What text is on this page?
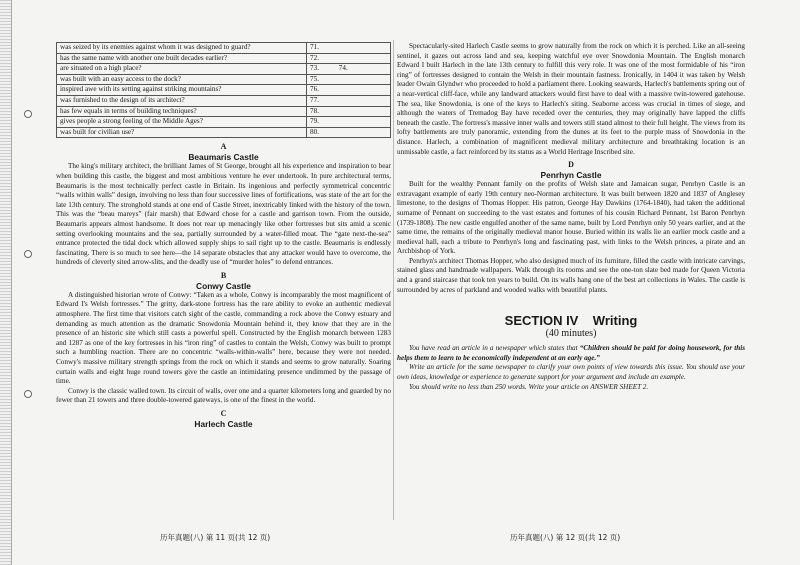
was seized by its enemies against whom it was designed to guard?	71.
has the same name with another one built decades earlier?	72.
are situated on a high place?	73. 74.
was built with an easy access to the dock?	75.
inspired awe with its setting against striking mountains?	76.
was furnished to the design of its architect?	77.
has few equals in terms of building techniques?	78.
gives people a strong feeling of the Middle Ages?	79.
was built for civilian use?	80.
A
Beaumaris Castle

The king's military architect, the brilliant James of St George, brought all his experience and inspiration to bear when building this castle, the biggest and most ambitious venture he ever undertook. In pure architectural terms, Beaumaris is the most technically perfect castle in Britain. Its ingenious and perfectly symmetrical concentric “walls within walls” design, involving no less than four successive lines of fortifications, was state of the art for the late 13th century. The stronghold stands at one end of Castle Street, inextricably linked with the history of the town. This was the “beau mareys” (fair marsh) that Edward chose for a castle and garrison town. From the outside, Beaumaris appears almost handsome. It does not rear up menacingly like other fortresses but sits amid a scenic setting overlooking mountains and the sea, partially surrounded by a water-filled moat. The “gate next-the-sea” entrance protected the tidal dock which allowed supply ships to sail right up to the castle. Beaumaris is endlessly fascinating. There is so much to see here—the 14 separate obstacles that any attacker would have to overcome, the hundreds of cleverly sited arrow-slits, and the deadly use of “murder holes” to defend entrances.

B
Conwy Castle

A distinguished historian wrote of Conwy: “Taken as a whole, Conwy is incomparably the most magnificent of Edward I's Welsh fortresses.” The gritty, dark-stone fortress has the rare ability to evoke an authentic medieval atmosphere. The first time that visitors catch sight of the castle, commanding a rock above the Conwy estuary and demanding as much attention as the dramatic Snowdonia Mountain behind it, they know that they are in the presence of an historic site which still casts a powerful spell. Constructed by the English monarch between 1283 and 1287 as one of the key fortresses in his “iron ring” of castles to contain the Welsh, Conwy was built to prompt such a humbling reaction. There are no concentric “walls-within-walls” here, because they were not needed. Conwy's massive military strength springs from the rock on which it stands and seems to grow naturally. Soaring curtain walls and eight huge round towers give the castle an intimidating presence undimmed by the passage of time.

Conwy is the classic walled town. Its circuit of walls, over one and a quarter kilometers long and guarded by no fewer than 21 towers and three double-towered gateways, is one of the finest in the world.

C
Harlech Castle

Spectacularly-sited Harlech Castle seems to grow naturally from the rock on which it is perched. Like an all-seeing sentinel, it gazes out across land and sea, keeping watchful eye over Snowdonia Mountain. The English monarch Edward I built Harlech in the late 13th century to fulfill this very role. It was one of the most formidable of his “iron ring” of fortresses designed to contain the Welsh in their mountain fastness. Ironically, in 1404 it was taken by Welsh leader Owain Glyndwr who proceeded to hold a parliament there. Looking seawards, Harlech's battlements spring out of a near-vertical cliff-face, while any landward attackers would first have to deal with a massive twin-towered gatehouse. The sea, like Snowdonia, is one of the keys to Harlech's siting. Seaborne access was crucial in times of siege, and although the waters of Tremadog Bay have receded over the centuries, they may originally have lapped the cliffs beneath the castle. The fortress's massive inner walls and towers still stand almost to their full height. The views from its lofty battlements are truly panoramic, extending from the dunes at its feet to the purple mass of Snowdonia in the distance. Harlech, a combination of magnificent medieval military architecture and breathtaking location is an unmissable castle, a fact reinforced by its status as a World Heritage Inscribed site.

D
Penrhyn Castle

Built for the wealthy Pennant family on the profits of Welsh slate and Jamaican sugar, Penrhyn Castle is an extravagant example of early 19th century neo-Norman architecture. It was built between 1820 and 1837 of Anglesey limestone, to the designs of Thomas Hopper. His patron, George Hay Dawkins (1764-1840), had taken the additional surname of Pennant on succeeding to the vast estates and fortunes of his cousin Richard Pennant, 1st Baron Penrhyn (1739-1808). The new castle engulfed another of the same name, built by Lord Penrhyn only 50 years earlier, and at the same time, the remains of the originally medieval manor house. Buried within its walls lie an earlier mock castle and a medieval hall, each a tribute to Penrhyn's long and fascinating past, with links to the Welsh princes, a pirate and an Archbishop of York.

Penrhyn's architect Thomas Hopper, who also designed much of its furniture, filled the castle with intricate carvings, stained glass and handmade wallpapers. Walk through its rooms and see the one-ton slate bed made for Queen Victoria and a grand staircase that took ten years to build. On its walls hang one of the best art collections in Wales. The castle is surrounded by acres of parkland and wooded walks with beautiful plants.

SECTION IV    Writing
(40 minutes)

You have read an article in a newspaper which states that “Children should be paid for doing housework, for this helps them to learn to be economically independent at an early age.”

Write an article for the same newspaper to clarify your own points of view towards this issue. You should use your own ideas, knowledge or experience to generate support for your argument and include an example.

You should write no less than 250 words. Write your article on ANSWER SHEET 2.

历年真题(八) 第 11 页(共 12 页)	历年真题(八) 第 12 页(共 12 页)
